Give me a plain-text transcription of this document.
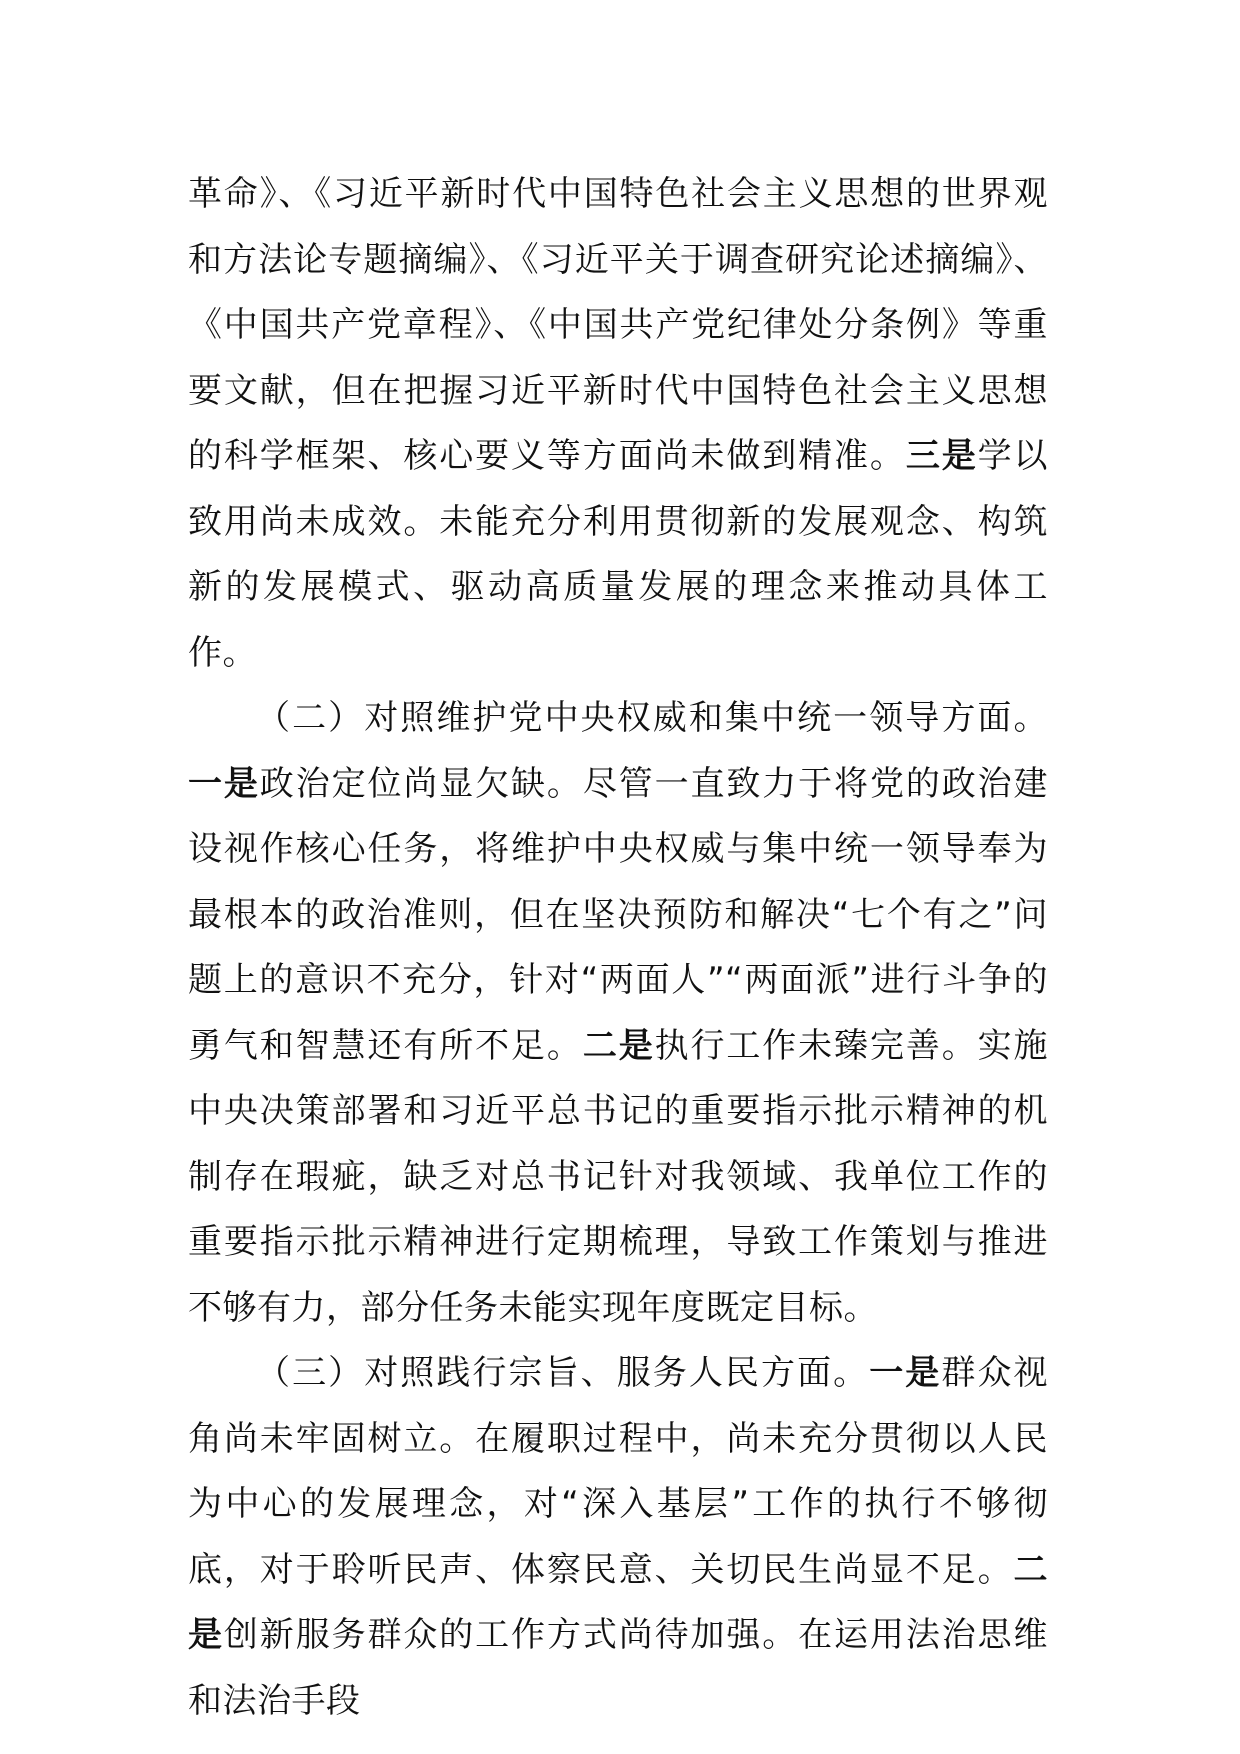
革命》、《习近平新时代中国特色社会主义思想的世界观和方法论专题摘编》、《习近平关于调查研究论述摘编》、《中国共产党章程》、《中国共产党纪律处分条例》等重要文献，但在把握习近平新时代中国特色社会主义思想的科学框架、核心要义等方面尚未做到精准。三是学以致用尚未成效。未能充分利用贯彻新的发展观念、构筑新的发展模式、驱动高质量发展的理念来推动具体工作。

（二）对照维护党中央权威和集中统一领导方面。一是政治定位尚显欠缺。尽管一直致力于将党的政治建设视作核心任务，将维护中央权威与集中统一领导奉为最根本的政治准则，但在坚决预防和解决“七个有之”问题上的意识不充分，针对“两面人”“两面派”进行斗争的勇气和智慧还有所不足。二是执行工作未臻完善。实施中央决策部署和习近平总书记的重要指示批示精神的机制存在瑕疵，缺乏对总书记针对我领域、我单位工作的重要指示批示精神进行定期梳理，导致工作策划与推进不够有力，部分任务未能实现年度既定目标。

（三）对照践行宗旨、服务人民方面。一是群众视角尚未牢固树立。在履职过程中，尚未充分贯彻以人民为中心的发展理念，对“深入基层”工作的执行不够彻底，对于聆听民声、体察民意、关切民生尚显不足。二是创新服务群众的工作方式尚待加强。在运用法治思维和法治手段
